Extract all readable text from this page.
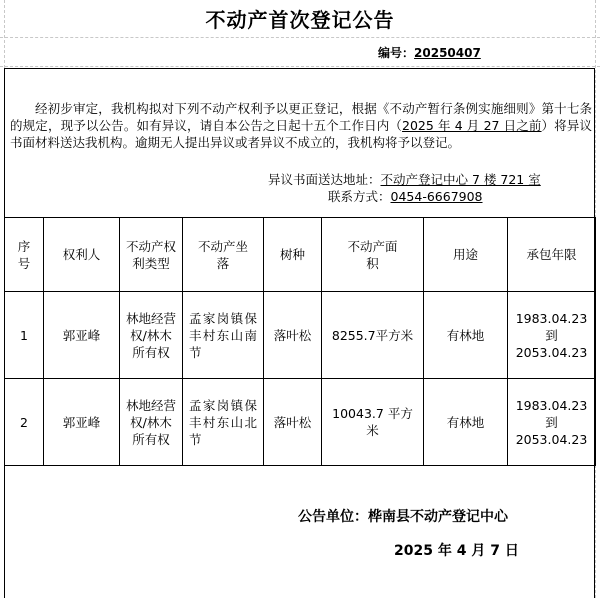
不动产首次登记公告
编号：20250407
经初步审定，我机构拟对下列不动产权利予以更正登记，根据《不动产暂行条例实施细则》第十七条的规定，现予以公告。如有异议，请自本公告之日起十五个工作日内（2025 年 4 月 27 日之前）将异议书面材料送达我机构。逾期无人提出异议或者异议不成立的，我机构将予以登记。
异议书面送达地址：不动产登记中心 7 楼 721 室
联系方式：0454-6667908
序号	权利人	不动产权利类型	不动产坐落	树种	不动产面积	用途	承包年限
1	郭亚峰	林地经营权/林木所有权	孟家岗镇保丰村东山南节	落叶松	8255.7平方米	有林地	1983.04.23
到
2053.04.23

2	郭亚峰	林地经营权/林木所有权	孟家岗镇保丰村东山北节	落叶松	10043.7 平方米	有林地	1983.04.23
到
2053.04.23
公告单位：桦南县不动产登记中心
2025 年 4 月 7 日
